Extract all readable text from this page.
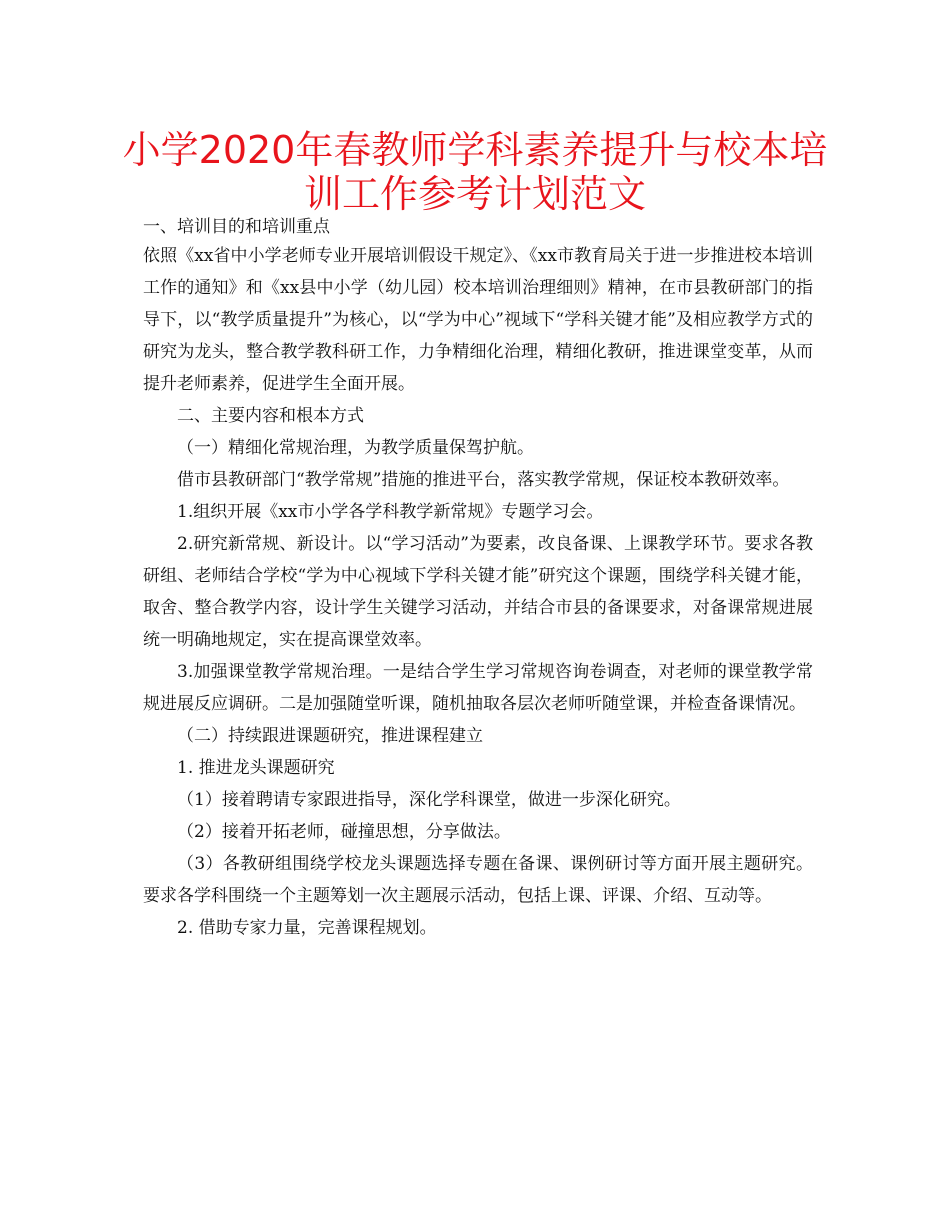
小学2020年春教师学科素养提升与校本培
训工作参考计划范文

一、培训目的和培训重点

依照《xx省中小学老师专业开展培训假设干规定》、《xx市教育局关于进一步推进校本培训工作的通知》和《xx县中小学（幼儿园）校本培训治理细则》精神，在市县教研部门的指导下，以“教学质量提升”为核心，以“学为中心”视域下“学科关键才能”及相应教学方式的研究为龙头，整合教学教科研工作，力争精细化治理，精细化教研，推进课堂变革，从而提升老师素养，促进学生全面开展。

二、主要内容和根本方式

（一）精细化常规治理，为教学质量保驾护航。

借市县教研部门“教学常规”措施的推进平台，落实教学常规，保证校本教研效率。

1.组织开展《xx市小学各学科教学新常规》专题学习会。

2.研究新常规、新设计。以“学习活动”为要素，改良备课、上课教学环节。要求各教研组、老师结合学校“学为中心视域下学科关键才能”研究这个课题，围绕学科关键才能，取舍、整合教学内容，设计学生关键学习活动，并结合市县的备课要求，对备课常规进展统一明确地规定，实在提高课堂效率。

3.加强课堂教学常规治理。一是结合学生学习常规咨询卷调查，对老师的课堂教学常规进展反应调研。二是加强随堂听课，随机抽取各层次老师听随堂课，并检查备课情况。

（二）持续跟进课题研究，推进课程建立

1. 推进龙头课题研究

（1）接着聘请专家跟进指导，深化学科课堂，做进一步深化研究。

（2）接着开拓老师，碰撞思想，分享做法。

（3）各教研组围绕学校龙头课题选择专题在备课、课例研讨等方面开展主题研究。要求各学科围绕一个主题筹划一次主题展示活动，包括上课、评课、介绍、互动等。

2. 借助专家力量，完善课程规划。
